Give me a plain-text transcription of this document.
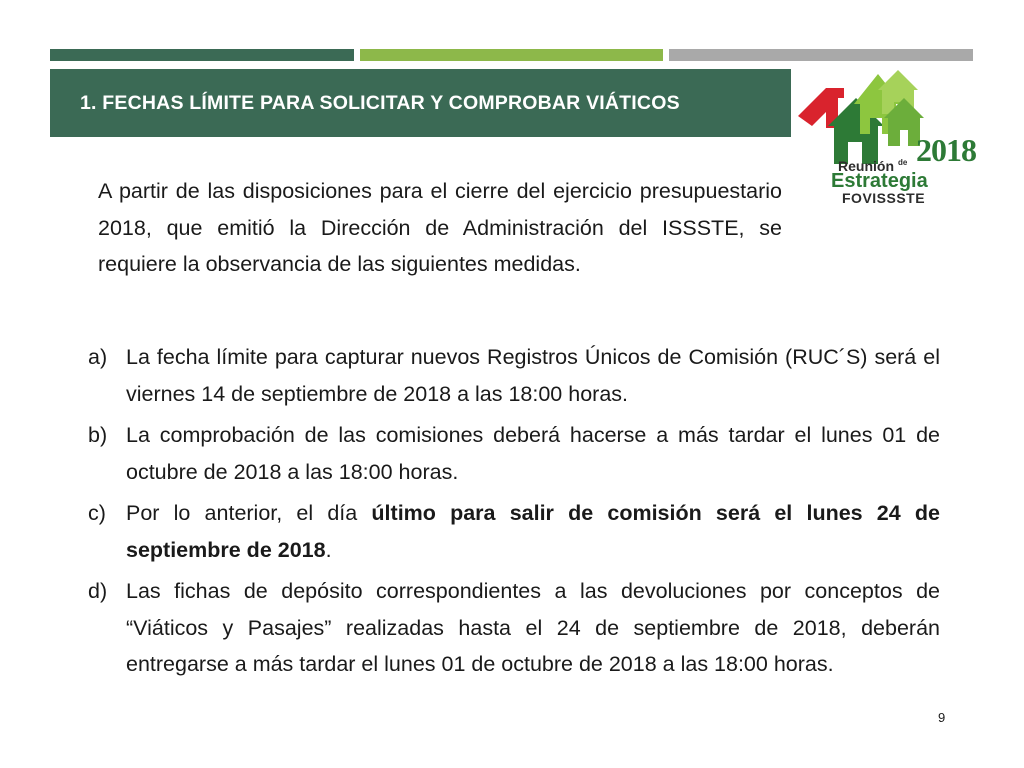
1. FECHAS LÍMITE PARA SOLICITAR Y COMPROBAR VIÁTICOS
2018
Reunión $^{de}$
Estrategia
FOVISSSTE

A partir de las disposiciones para el cierre del ejercicio presupuestario 2018, que emitió la Dirección de Administración del ISSSTE, se requiere la observancia de las siguientes medidas.

a) La fecha límite para capturar nuevos Registros Únicos de Comisión (RUC´S) será el viernes 14 de septiembre de 2018 a las 18:00 horas.
b) La comprobación de las comisiones deberá hacerse a más tardar el lunes 01 de octubre de 2018 a las 18:00 horas.
c) Por lo anterior, el día último para salir de comisión será el lunes 24 de septiembre de 2018.
d) Las fichas de depósito correspondientes a las devoluciones por conceptos de “Viáticos y Pasajes” realizadas hasta el 24 de septiembre de 2018, deberán entregarse a más tardar el lunes 01 de octubre de 2018 a las 18:00 horas.
9
